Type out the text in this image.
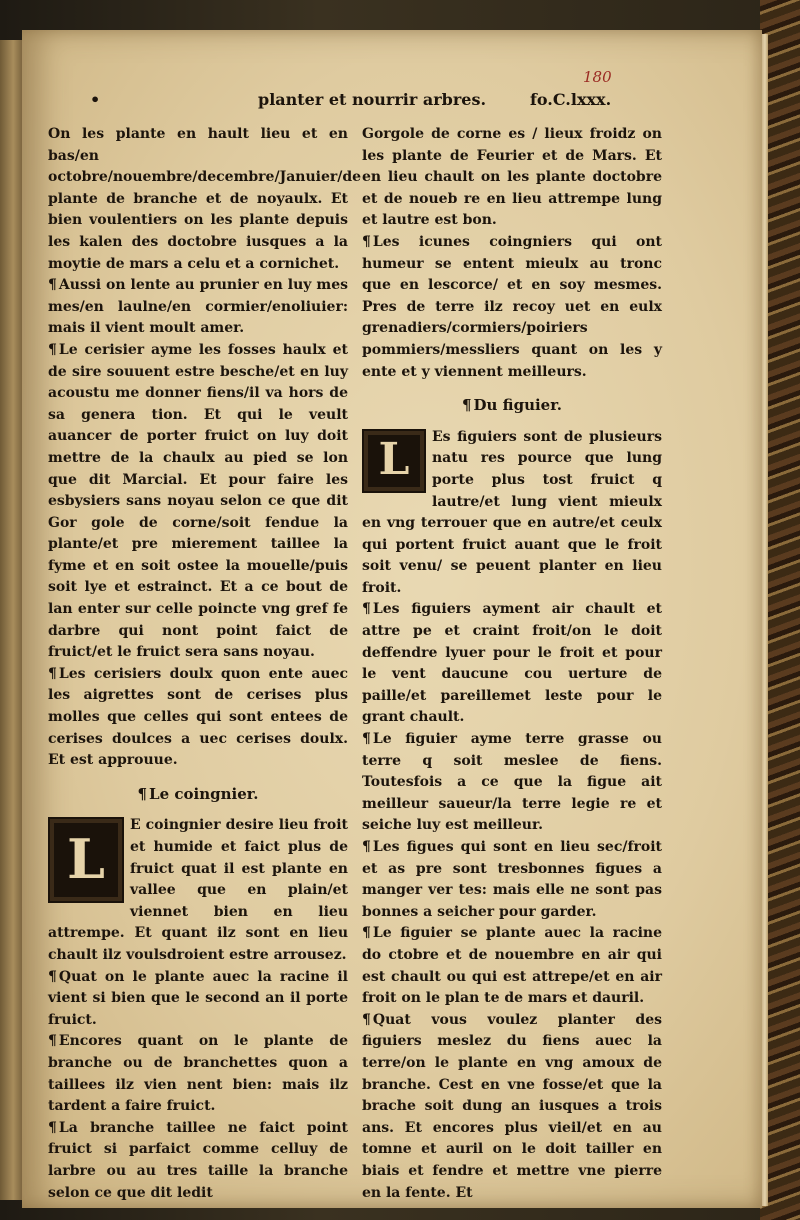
180
•	planter et nourrir arbres.	fo.C.lxxx.

On les plante en hault lieu et en bas/en octobre/nouembre/decembre/Januier/de plante de branche et de noyaulx. Et bien voulentiers on les plante depuis les kalen des doctobre iusques a la moytie de mars a celu et a cornichet.

¶ Aussi on lente au prunier en luy mes mes/en laulne/en cormier/enoliuier: mais il vient moult amer.

¶ Le cerisier ayme les fosses haulx et de sire souuent estre besche/et en luy acoustu me donner fiens/il va hors de sa genera tion. Et qui le veult auancer de porter fruict on luy doit mettre de la chaulx au pied se lon que dit Marcial. Et pour faire les esbysiers sans noyau selon ce que dit Gor gole de corne/soit fendue la plante/et pre mierement taillee la fyme et en soit ostee la mouelle/puis soit lye et estrainct. Et a ce bout de lan enter sur celle poincte vng gref fe darbre qui nont point faict de fruict/et le fruict sera sans noyau.

¶ Les cerisiers doulx quon ente auec les aigrettes sont de cerises plus molles que celles qui sont entees de cerises doulces a uec cerises doulx. Et est approuue.

¶ Le coingnier.
L

E coingnier desire lieu froit et humide et faict plus de fruict quat il est plante en vallee que en plain/et viennet bien en lieu attrempe. Et quant ilz sont en lieu chault ilz voulsdroient estre arrousez.

¶ Quat on le plante auec la racine il vient si bien que le second an il porte fruict.

¶ Encores quant on le plante de branche ou de branchettes quon a taillees ilz vien nent bien: mais ilz tardent a faire fruict.

¶ La branche taillee ne faict point fruict si parfaict comme celluy de larbre ou au tres taille la branche selon ce que dit ledit

Gorgole de corne es / lieux froidz on les plante de Feurier et de Mars. Et en lieu chault on les plante doctobre et de noueb re en lieu attrempe lung et lautre est bon.

¶ Les icunes coingniers qui ont humeur se entent mieulx au tronc que en lescorce/ et en soy mesmes. Pres de terre ilz recoy uet en eulx grenadiers/cormiers/poiriers pommiers/messliers quant on les y ente et y viennent meilleurs.

¶ Du figuier.
L	Es figuiers sont de plusieurs natu res pource que lung porte plus tost fruict q lautre/et lung vient mieulx en vng terrouer que en autre/et ceulx qui portent fruict auant que le froit soit venu/ se peuent planter en lieu froit.

¶ Les figuiers ayment air chault et attre pe et craint froit/on le doit deffendre lyuer pour le froit et pour le vent daucune cou uerture de paille/et pareillemet leste pour le grant chault.

¶ Le figuier ayme terre grasse ou terre q soit meslee de fiens. Toutesfois a ce que la figue ait meilleur saueur/la terre legie re et seiche luy est meilleur.

¶ Les figues qui sont en lieu sec/froit et as pre sont tresbonnes figues a manger ver tes: mais elle ne sont pas bonnes a seicher pour garder.

¶ Le figuier se plante auec la racine do ctobre et de nouembre en air qui est chault ou qui est attrepe/et en air froit on le plan te de mars et dauril.

¶ Quat vous voulez planter des figuiers meslez du fiens auec la terre/on le plante en vng amoux de branche. Cest en vne fosse/et que la brache soit dung an iusques a trois ans. Et encores plus vieil/et en au tomne et auril on le doit tailler en biais et fendre et mettre vne pierre en la fente. Et
